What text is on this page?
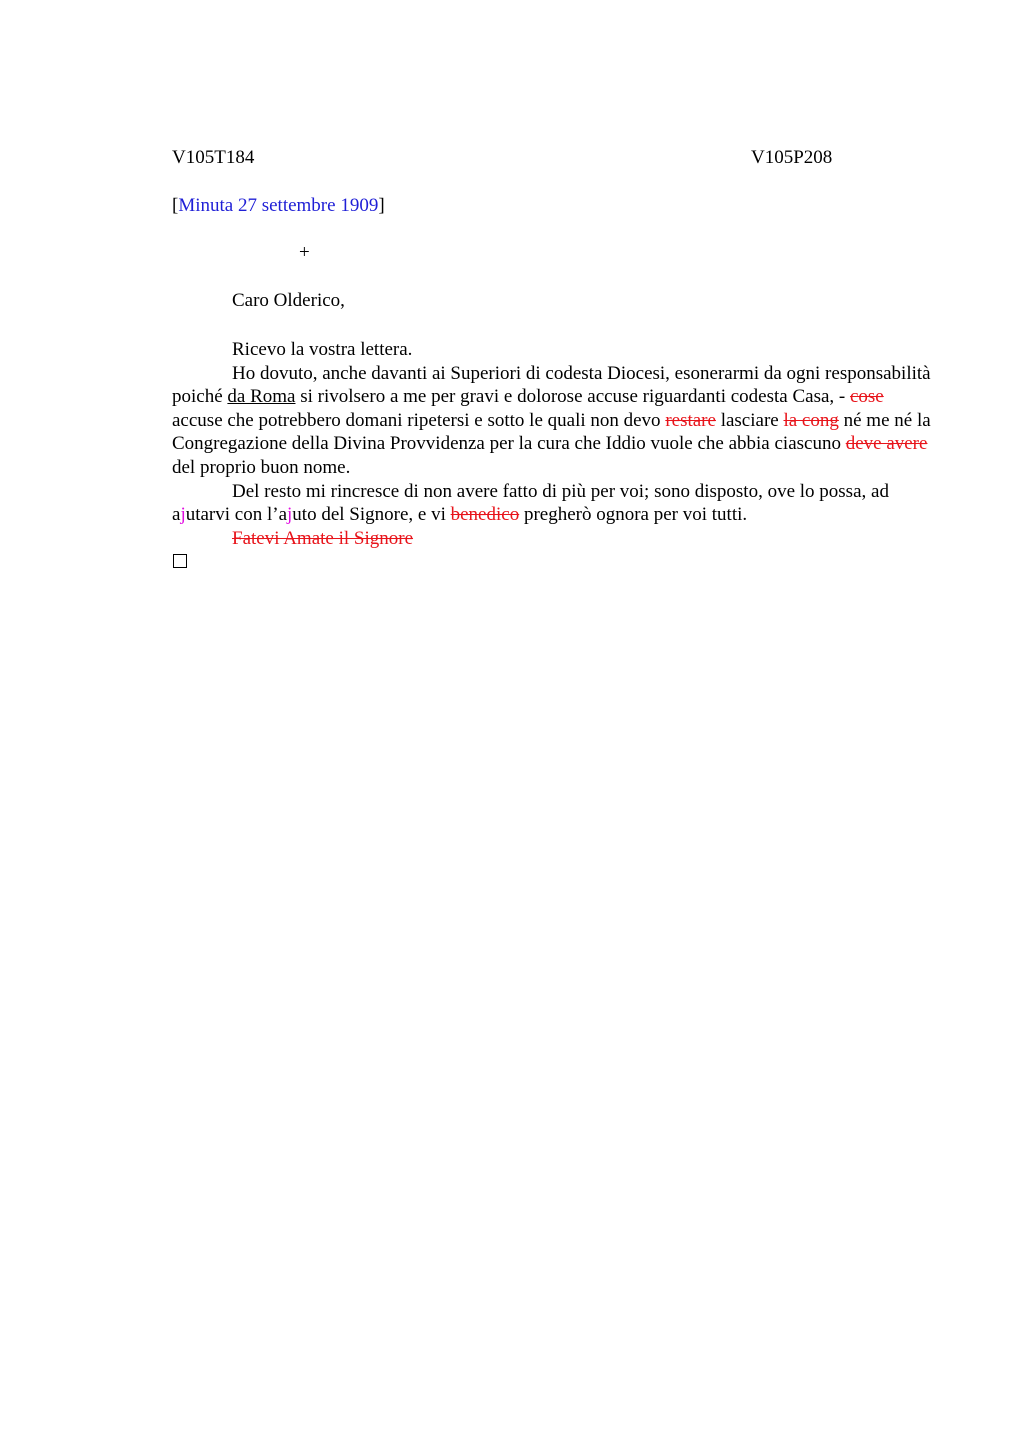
V105T184	V105P208
[Minuta 27 settembre 1909]
+
Caro Olderico,

Ricevo la vostra lettera.

Ho dovuto, anche davanti ai Superiori di codesta Diocesi, esonerarmi da ogni responsabilità poiché da Roma si rivolsero a me per gravi e dolorose accuse riguardanti codesta Casa, - cose accuse che potrebbero domani ripetersi e sotto le quali non devo restare lasciare la cong né me né la Congregazione della Divina Provvidenza per la cura che Iddio vuole che abbia ciascuno deve avere del proprio buon nome.

Del resto mi rincresce di non avere fatto di più per voi; sono disposto, ove lo possa, ad ajutarvi con l’ajuto del Signore, e vi benedico pregherò ognora per voi tutti.

Fatevi Amate il Signore
